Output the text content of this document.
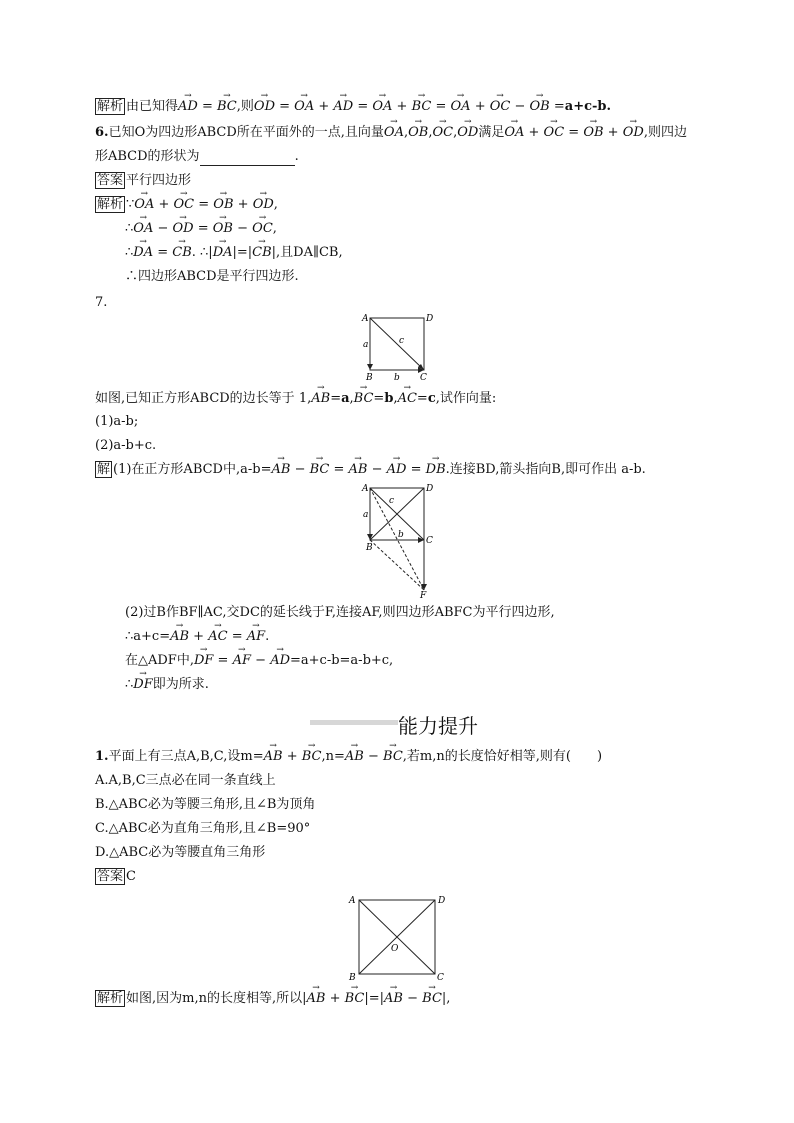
解析 由已知得→ AD = → BC,则→ OD = → OA + → AD = → OA + → BC = → OA + → OC − → OB =a+c-b.
6.已知O为四边形ABCD所在平面外的一点,且向量→ OA,→ OB,→ OC,→ OD满足→ OA + → OC = → OB + → OD,则四边
形ABCD的形状为	.
答案 平行四边形
解析 ∵→ OA + → OC = → OB + → OD,
∴→ OA − → OD = → OB − → OC,
∴→ DA = → CB. ∴|→ DA|=|→ CB|,且DA∥CB,
∴四边形ABCD是平行四边形.
7.
A	D
B	C
a
b
c
如图,已知正方形ABCD的边长等于 1,→ AB=a,→ BC=b,→ AC=c,试作向量:
(1)a-b;
(2)a-b+c.
解 (1)在正方形ABCD中,a-b=→ AB − → BC = → AB − → AD = → DB.连接BD,箭头指向B,即可作出 a-b.
A	D
B
C
F
a
b
c
(2)过B作BF∥AC,交DC的延长线于F,连接AF,则四边形ABFC为平行四边形,
∴a+c=→ AB + → AC = → AF.
在△ADF中,→ DF = → AF − → AD=a+c-b=a-b+c,
∴→ DF即为所求.
能力提升
1.平面上有三点A,B,C,设m=→ AB + → BC,n=→ AB − → BC,若m,n的长度恰好相等,则有(　　)
A.A,B,C三点必在同一条直线上
B.△ABC必为等腰三角形,且∠B为顶角
C.△ABC必为直角三角形,且∠B=90°
D.△ABC必为等腰直角三角形
答案 C
A	D
B	C
O
解析 如图,因为m,n的长度相等,所以|→ AB + → BC|=|→ AB − → BC|,
